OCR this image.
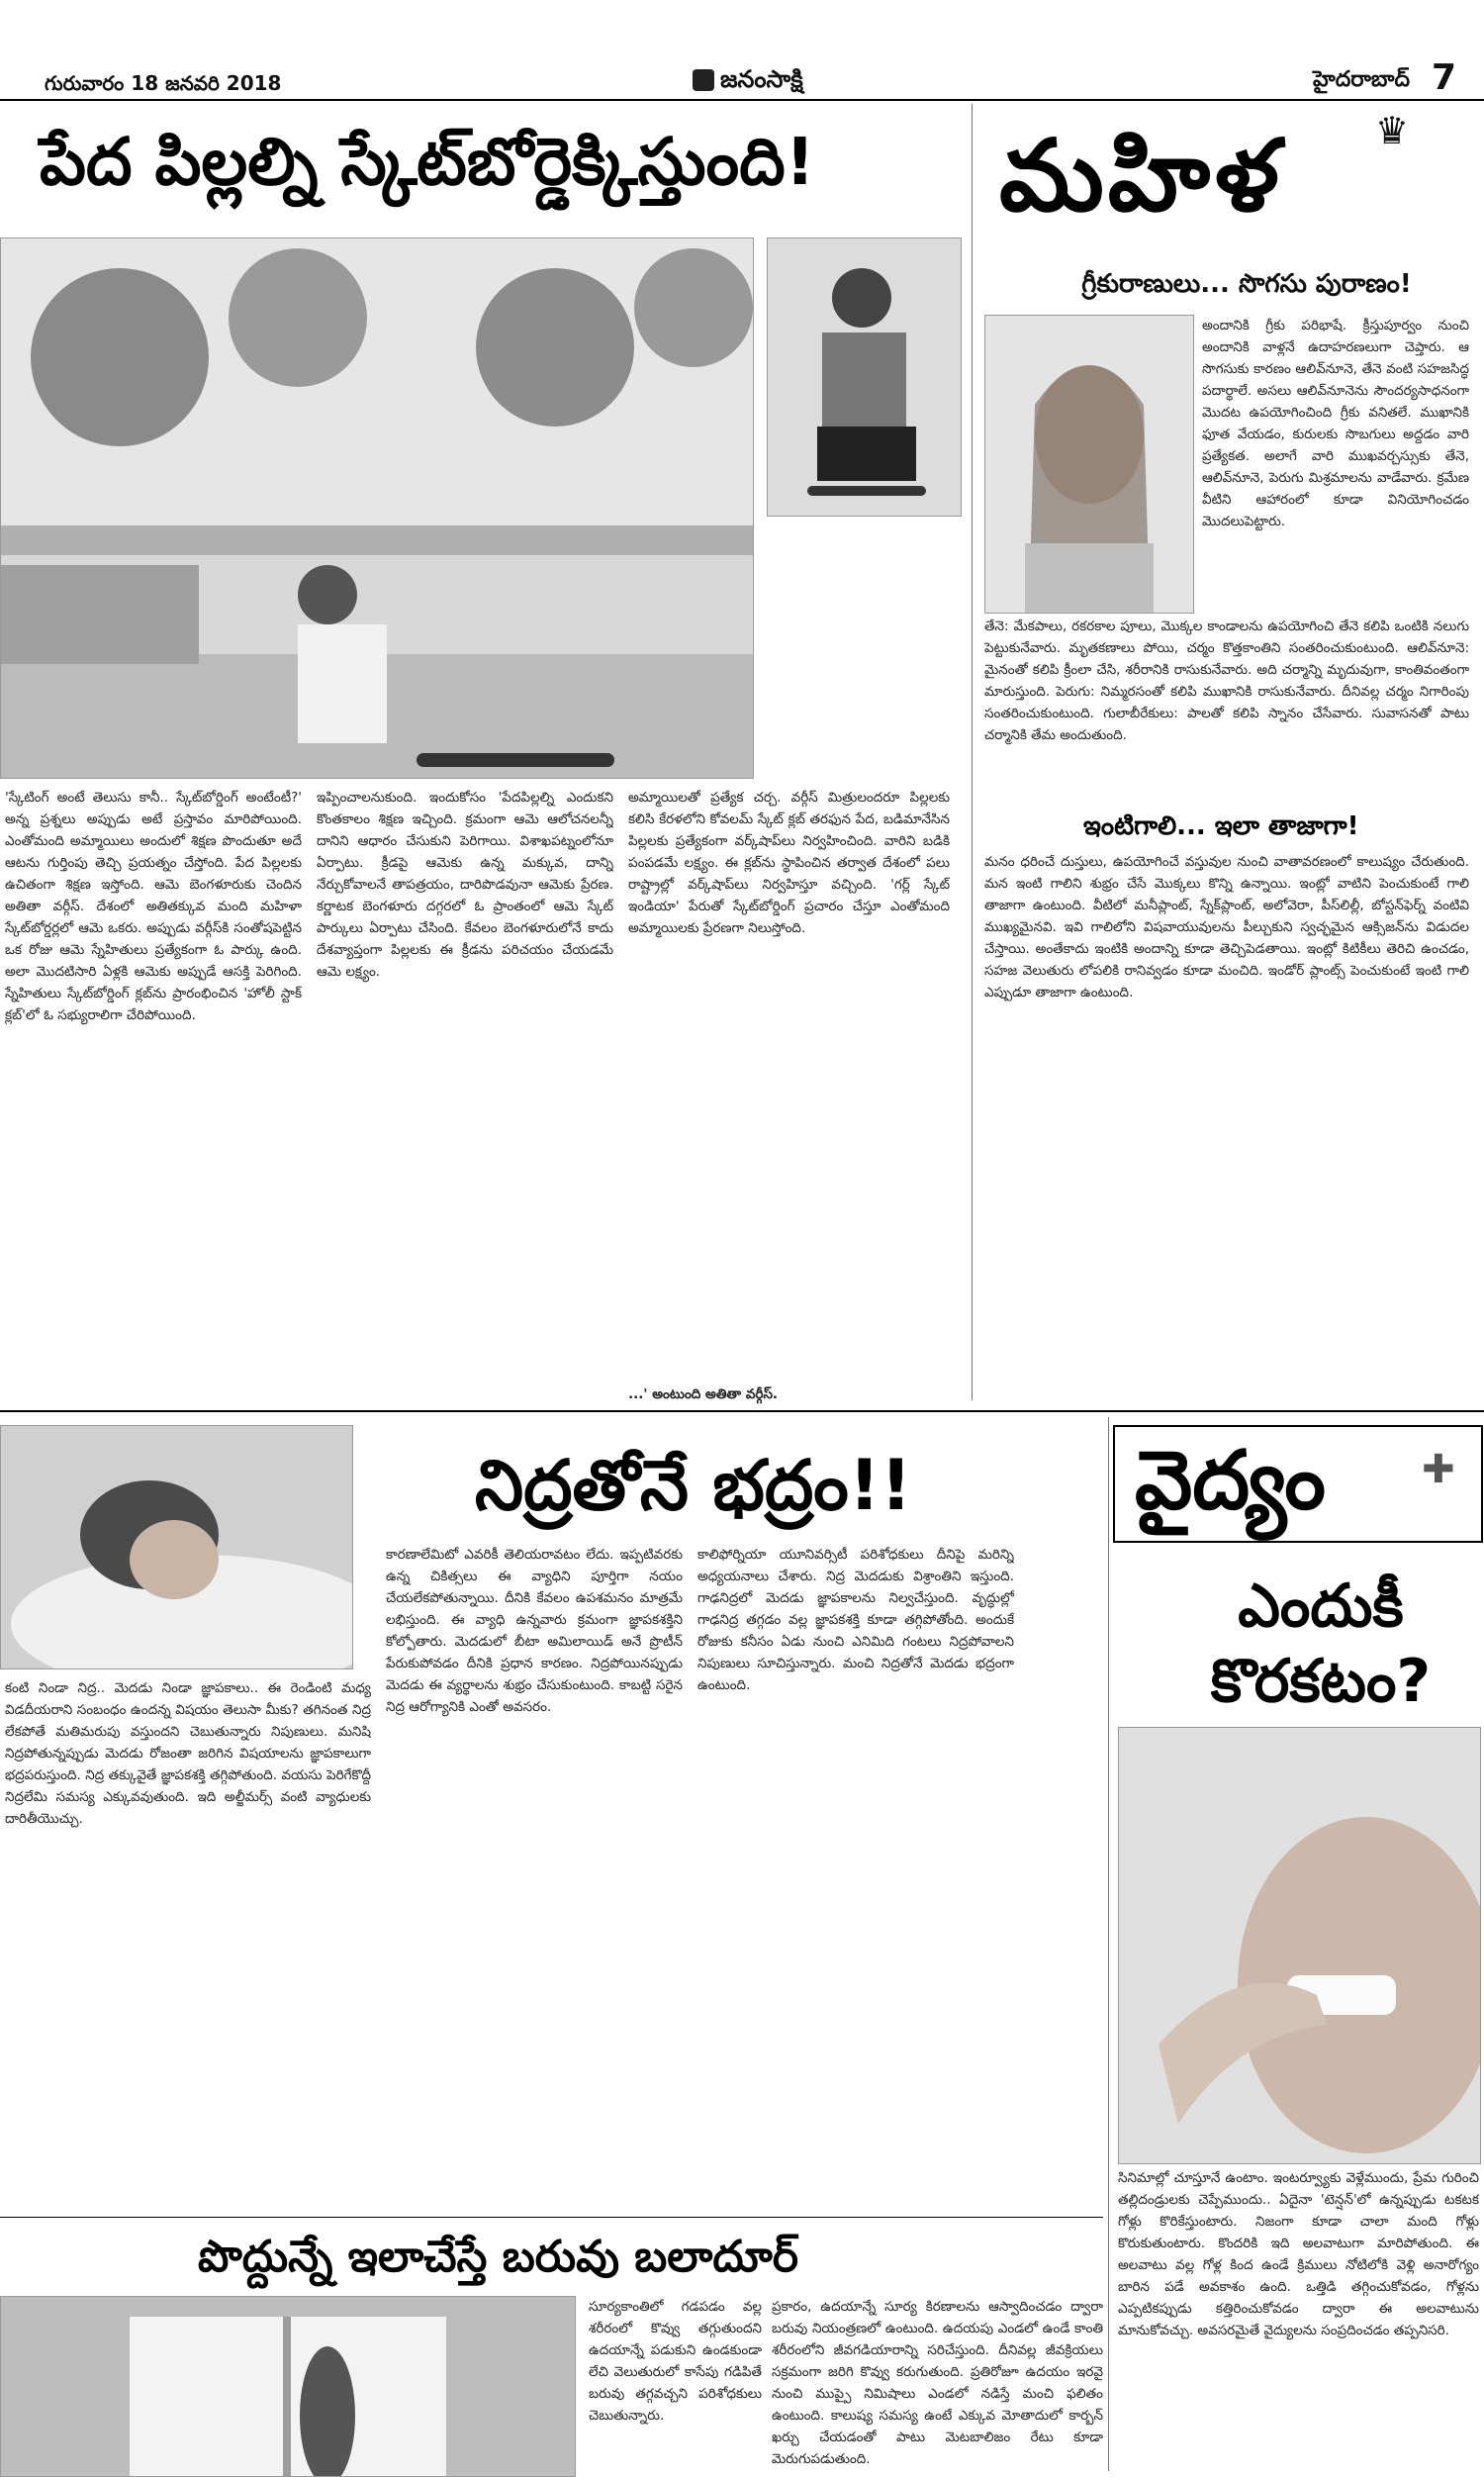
గురువారం 18 జనవరి 2018	జనంసాక్షి	హైదరాబాద్ 7
పేద పిల్లల్ని స్కేట్‌బోర్డెక్కిస్తుంది!
'స్కేటింగ్ అంటే తెలుసు కానీ.. స్కేట్‌బోర్డింగ్ అంటేంటీ?' అన్న ప్రశ్నలు అప్పుడు అటే ప్రస్తావం మారిపోయింది. ఎంతోమంది అమ్మాయిలు అందులో శిక్షణ పొందుతూ అదే ఆటను గుర్తింపు తెచ్చి ప్రయత్నం చేస్తోంది. పేద పిల్లలకు ఉచితంగా శిక్షణ ఇస్తోంది. ఆమె బెంగళూరుకు చెందిన అతితా వర్గీస్. దేశంలో అతితక్కువ మంది మహిళా స్కేట్‌బోర్డర్లలో ఆమె ఒకరు. అప్పుడు వర్గీస్‌కి సంతోషపెట్టిన ఒక రోజు ఆమె స్నేహితులు ప్రత్యేకంగా ఓ పార్కు ఉంది. అలా మొదటిసారి ఏళ్లకి ఆమెకు అప్పుడే ఆసక్తి పెరిగింది. స్నేహితులు స్కేట్‌బోర్డింగ్ క్లబ్‌ను ప్రారంభించిన 'హోలీ స్టాక్ క్లబ్'లో ఓ సభ్యురాలిగా చేరిపోయింది.
ఇప్పించాలనుకుంది. ఇందుకోసం 'పేదపిల్లల్ని ఎందుకని కొంతకాలం శిక్షణ ఇచ్చింది. క్రమంగా ఆమె ఆలోచనలన్నీ దానిని ఆధారం చేసుకుని పెరిగాయి. విశాఖపట్నంలోనూ ఏర్పాటు. క్రీడపై ఆమెకు ఉన్న మక్కువ, దాన్ని నేర్చుకోవాలనే తాపత్రయం, దారిపొడవునా ఆమెకు ప్రేరణ. కర్ణాటక బెంగళూరు దగ్గరలో ఓ ప్రాంతంలో ఆమె స్కేట్ పార్కులు ఏర్పాటు చేసింది. కేవలం బెంగళూరులోనే కాదు దేశవ్యాప్తంగా పిల్లలకు ఈ క్రీడను పరిచయం చేయడమే ఆమె లక్ష్యం.
అమ్మాయిలతో ప్రత్యేక చర్చ. వర్గీస్ మిత్రులందరూ పిల్లలకు కలిసి కేరళలోని కోవలమ్ స్కేట్ క్లబ్ తరఫున పేద, బడిమానేసిన పిల్లలకు ప్రత్యేకంగా వర్క్‌షాప్‌లు నిర్వహించింది. వారిని బడికి పంపడమే లక్ష్యం. ఈ క్లబ్‌ను స్థాపించిన తర్వాత దేశంలో పలు రాష్ట్రాల్లో వర్క్‌షాప్‌లు నిర్వహిస్తూ వచ్చింది. 'గర్ల్ స్కేట్ ఇండియా' పేరుతో స్కేట్‌బోర్డింగ్ ప్రచారం చేస్తూ ఎంతోమంది అమ్మాయిలకు ప్రేరణగా నిలుస్తోంది.
...' అంటుంది అతితా వర్గీస్.
మహిళ ♛
గ్రీకురాణులు... సొగసు పురాణం!
అందానికి గ్రీకు పరిభాషే. క్రీస్తుపూర్వం నుంచి అందానికి వాళ్లనే ఉదాహరణలుగా చెప్తారు. ఆ సొగసుకు కారణం ఆలివ్‌నూనె, తేనె వంటి సహజసిద్ధ పదార్థాలే. అసలు ఆలివ్‌నూనెను సౌందర్యసాధనంగా మొదట ఉపయోగించింది గ్రీకు వనితలే. ముఖానికి ఫూత వేయడం, కురులకు సొబగులు అద్దడం వారి ప్రత్యేకత. అలాగే వారి ముఖవర్చస్సుకు తేనె, ఆలివ్‌నూనె, పెరుగు మిశ్రమాలను వాడేవారు. క్రమేణ వీటిని ఆహారంలో కూడా వినియోగించడం మొదలుపెట్టారు.
తేనె: మేకపాలు, రకరకాల పూలు, మొక్కల కాండాలను ఉపయోగించి తేనె కలిపి ఒంటికి నలుగు పెట్టుకునేవారు. మృతకణాలు పోయి, చర్మం కొత్తకాంతిని సంతరించుకుంటుంది. ఆలివ్‌నూనె: మైనంతో కలిపి క్రీంలా చేసి, శరీరానికి రాసుకునేవారు. అది చర్మాన్ని మృదువుగా, కాంతివంతంగా మారుస్తుంది. పెరుగు: నిమ్మరసంతో కలిపి ముఖానికి రాసుకునేవారు. దీనివల్ల చర్మం నిగారింపు సంతరించుకుంటుంది. గులాబీరేకులు: పాలతో కలిపి స్నానం చేసేవారు. సువాసనతో పాటు చర్మానికి తేమ అందుతుంది.
ఇంటిగాలి... ఇలా తాజాగా!
మనం ధరించే దుస్తులు, ఉపయోగించే వస్తువుల నుంచి వాతావరణంలో కాలుష్యం చేరుతుంది. మన ఇంటి గాలిని శుభ్రం చేసే మొక్కలు కొన్ని ఉన్నాయి. ఇంట్లో వాటిని పెంచుకుంటే గాలి తాజాగా ఉంటుంది. వీటిలో మనీప్లాంట్, స్నేక్‌ప్లాంట్, అలోవెరా, పీస్‌లిల్లీ, బోస్టన్‌ఫెర్న్ వంటివి ముఖ్యమైనవి. ఇవి గాలిలోని విషవాయువులను పీల్చుకుని స్వచ్ఛమైన ఆక్సిజన్‌ను విడుదల చేస్తాయి. అంతేకాదు ఇంటికి అందాన్ని కూడా తెచ్చిపెడతాయి. ఇంట్లో కిటికీలు తెరిచి ఉంచడం, సహజ వెలుతురు లోపలికి రానివ్వడం కూడా మంచిది. ఇండోర్ ప్లాంట్స్ పెంచుకుంటే ఇంటి గాలి ఎప్పుడూ తాజాగా ఉంటుంది.
నిద్రతోనే భద్రం!!
కంటి నిండా నిద్ర.. మెదడు నిండా జ్ఞాపకాలు.. ఈ రెండింటి మధ్య విడదీయరాని సంబంధం ఉందన్న విషయం తెలుసా మీకు? తగినంత నిద్ర లేకపోతే మతిమరుపు వస్తుందని చెబుతున్నారు నిపుణులు. మనిషి నిద్రపోతున్నప్పుడు మెదడు రోజంతా జరిగిన విషయాలను జ్ఞాపకాలుగా భద్రపరుస్తుంది. నిద్ర తక్కువైతే జ్ఞాపకశక్తి తగ్గిపోతుంది. వయసు పెరిగేకొద్దీ నిద్రలేమి సమస్య ఎక్కువవుతుంది. ఇది అల్జీమర్స్ వంటి వ్యాధులకు దారితీయొచ్చు.
కారణాలేమిటో ఎవరికీ తెలియరావటం లేదు. ఇప్పటివరకు ఉన్న చికిత్సలు ఈ వ్యాధిని పూర్తిగా నయం చేయలేకపోతున్నాయి. దీనికి కేవలం ఉపశమనం మాత్రమే లభిస్తుంది. ఈ వ్యాధి ఉన్నవారు క్రమంగా జ్ఞాపకశక్తిని కోల్పోతారు. మెదడులో బీటా అమిలాయిడ్ అనే ప్రొటీన్ పేరుకుపోవడం దీనికి ప్రధాన కారణం. నిద్రపోయినప్పుడు మెదడు ఈ వ్యర్థాలను శుభ్రం చేసుకుంటుంది. కాబట్టి సరైన నిద్ర ఆరోగ్యానికి ఎంతో అవసరం.
కాలిఫోర్నియా యూనివర్సిటీ పరిశోధకులు దీనిపై మరిన్ని అధ్యయనాలు చేశారు. నిద్ర మెదడుకు విశ్రాంతిని ఇస్తుంది. గాఢనిద్రలో మెదడు జ్ఞాపకాలను నిల్వచేస్తుంది. వృద్ధుల్లో గాఢనిద్ర తగ్గడం వల్ల జ్ఞాపకశక్తి కూడా తగ్గిపోతోంది. అందుకే రోజుకు కనీసం ఏడు నుంచి ఎనిమిది గంటలు నిద్రపోవాలని నిపుణులు సూచిస్తున్నారు. మంచి నిద్రతోనే మెదడు భద్రంగా ఉంటుంది.
వైద్యం ✚
ఎందుకీ కొరకటం?
సినిమాల్లో చూస్తూనే ఉంటాం. ఇంటర్వ్యూకు వెళ్లేముందు, ప్రేమ గురించి తల్లిదండ్రులకు చెప్పేముందు.. ఏదైనా 'టెన్షన్'లో ఉన్నప్పుడు టకటక గోళ్లు కొరికేస్తుంటారు. నిజంగా కూడా చాలా మంది గోళ్లు కొరుకుతుంటారు. కొందరికి ఇది అలవాటుగా మారిపోతుంది. ఈ అలవాటు వల్ల గోళ్ల కింద ఉండే క్రిములు నోటిలోకి వెళ్లి అనారోగ్యం బారిన పడే అవకాశం ఉంది. ఒత్తిడి తగ్గించుకోవడం, గోళ్లను ఎప్పటికప్పుడు కత్తిరించుకోవడం ద్వారా ఈ అలవాటును మానుకోవచ్చు. అవసరమైతే వైద్యులను సంప్రదించడం తప్పనిసరి.
పొద్దున్నే ఇలాచేస్తే బరువు బలాదూర్
సూర్యకాంతిలో గడపడం వల్ల శరీరంలో కొవ్వు తగ్గుతుందని ఉదయాన్నే పడుకుని ఉండకుండా లేచి వెలుతురులో కాసేపు గడిపితే బరువు తగ్గవచ్చని పరిశోధకులు చెబుతున్నారు.
ప్రకారం, ఉదయాన్నే సూర్య కిరణాలను ఆస్వాదించడం ద్వారా బరువు నియంత్రణలో ఉంటుంది. ఉదయపు ఎండలో ఉండే కాంతి శరీరంలోని జీవగడియారాన్ని సరిచేస్తుంది. దీనివల్ల జీవక్రియలు సక్రమంగా జరిగి కొవ్వు కరుగుతుంది. ప్రతిరోజూ ఉదయం ఇరవై నుంచి ముప్పై నిమిషాలు ఎండలో నడిస్తే మంచి ఫలితం ఉంటుంది. కాలుష్య సమస్య ఉంటే ఎక్కువ మోతాదులో కార్బన్ ఖర్చు చేయడంతో పాటు మెటబాలిజం రేటు కూడా మెరుగుపడుతుంది.
